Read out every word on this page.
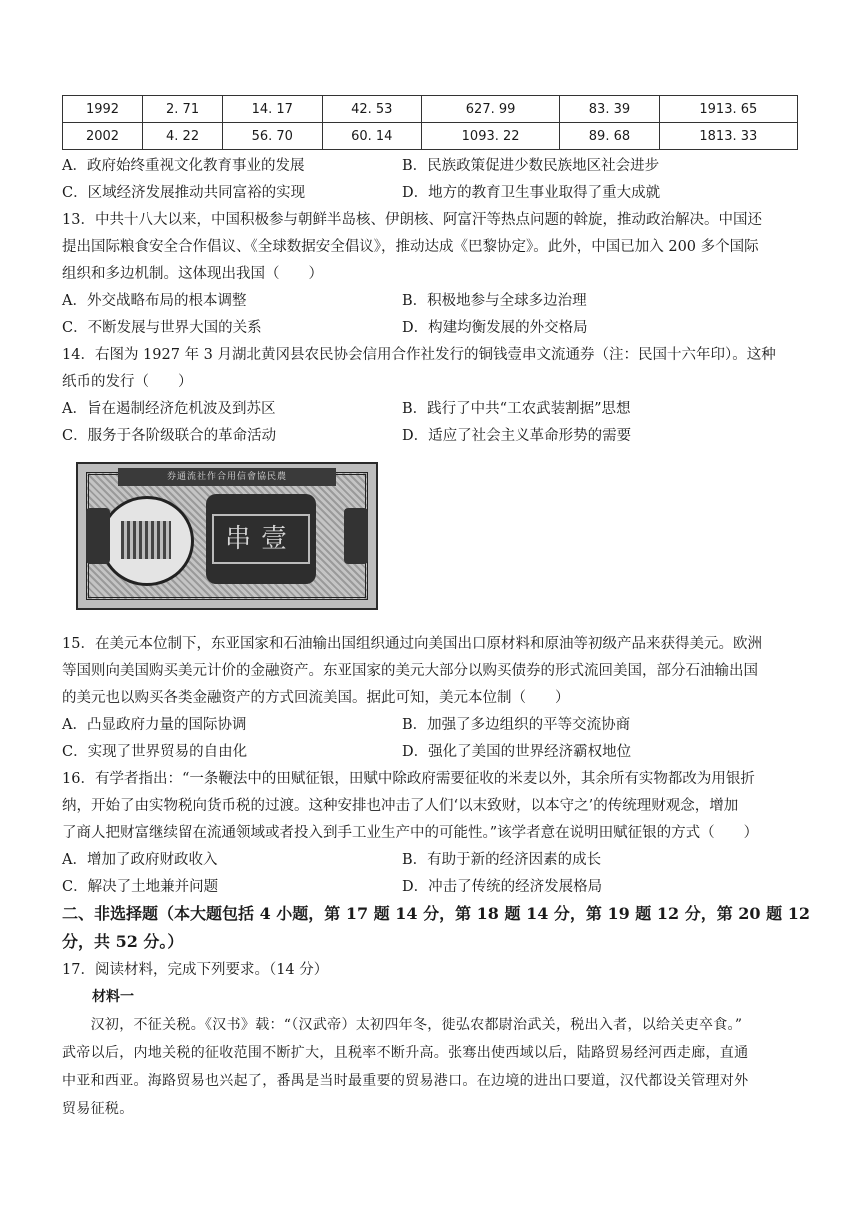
1992	2. 71	14. 17	42. 53	627. 99	83. 39	1913. 65
2002	4. 22	56. 70	60. 14	1093. 22	89. 68	1813. 33
A．政府始终重视文化教育事业的发展	B．民族政策促进少数民族地区社会进步
C．区域经济发展推动共同富裕的实现	D．地方的教育卫生事业取得了重大成就
13．中共十八大以来，中国积极参与朝鲜半岛核、伊朗核、阿富汗等热点问题的斡旋，推动政治解决。中国还
提出国际粮食安全合作倡议、《全球数据安全倡议》，推动达成《巴黎协定》。此外，中国已加入 200 多个国际
组织和多边机制。这体现出我国（　　）
A．外交战略布局的根本调整	B．积极地参与全球多边治理
C．不断发展与世界大国的关系	D．构建均衡发展的外交格局
14．右图为 1927 年 3 月湖北黄冈县农民协会信用合作社发行的铜钱壹串文流通券（注：民国十六年印）。这种
纸币的发行（　　）
A．旨在遏制经济危机波及到苏区	B．践行了中共“工农武装割据”思想
C．服务于各阶级联合的革命活动	D．适应了社会主义革命形势的需要
券通流社作合用信會協民農
串壹
15．在美元本位制下，东亚国家和石油输出国组织通过向美国出口原材料和原油等初级产品来获得美元。欧洲
等国则向美国购买美元计价的金融资产。东亚国家的美元大部分以购买债券的形式流回美国，部分石油输出国
的美元也以购买各类金融资产的方式回流美国。据此可知，美元本位制（　　）
A．凸显政府力量的国际协调	B．加强了多边组织的平等交流协商
C．实现了世界贸易的自由化	D．强化了美国的世界经济霸权地位
16．有学者指出：“一条鞭法中的田赋征银，田赋中除政府需要征收的米麦以外，其余所有实物都改为用银折
纳，开始了由实物税向货币税的过渡。这种安排也冲击了人们‘以末致财，以本守之’的传统理财观念，增加
了商人把财富继续留在流通领域或者投入到手工业生产中的可能性。”该学者意在说明田赋征银的方式（　　）
A．增加了政府财政收入	B．有助于新的经济因素的成长
C．解决了土地兼并问题	D．冲击了传统的经济发展格局
二、非选择题（本大题包括 4 小题，第 17 题 14 分，第 18 题 14 分，第 19 题 12 分，第 20 题 12
分，共 52 分。）
17．阅读材料，完成下列要求。（14 分）
材料一
　　汉初，不征关税。《汉书》载：“（汉武帝）太初四年冬，徙弘农都尉治武关，税出入者，以给关吏卒食。”
武帝以后，内地关税的征收范围不断扩大，且税率不断升高。张骞出使西域以后，陆路贸易经河西走廊，直通
中亚和西亚。海路贸易也兴起了，番禺是当时最重要的贸易港口。在边境的进出口要道，汉代都设关管理对外
贸易征税。
